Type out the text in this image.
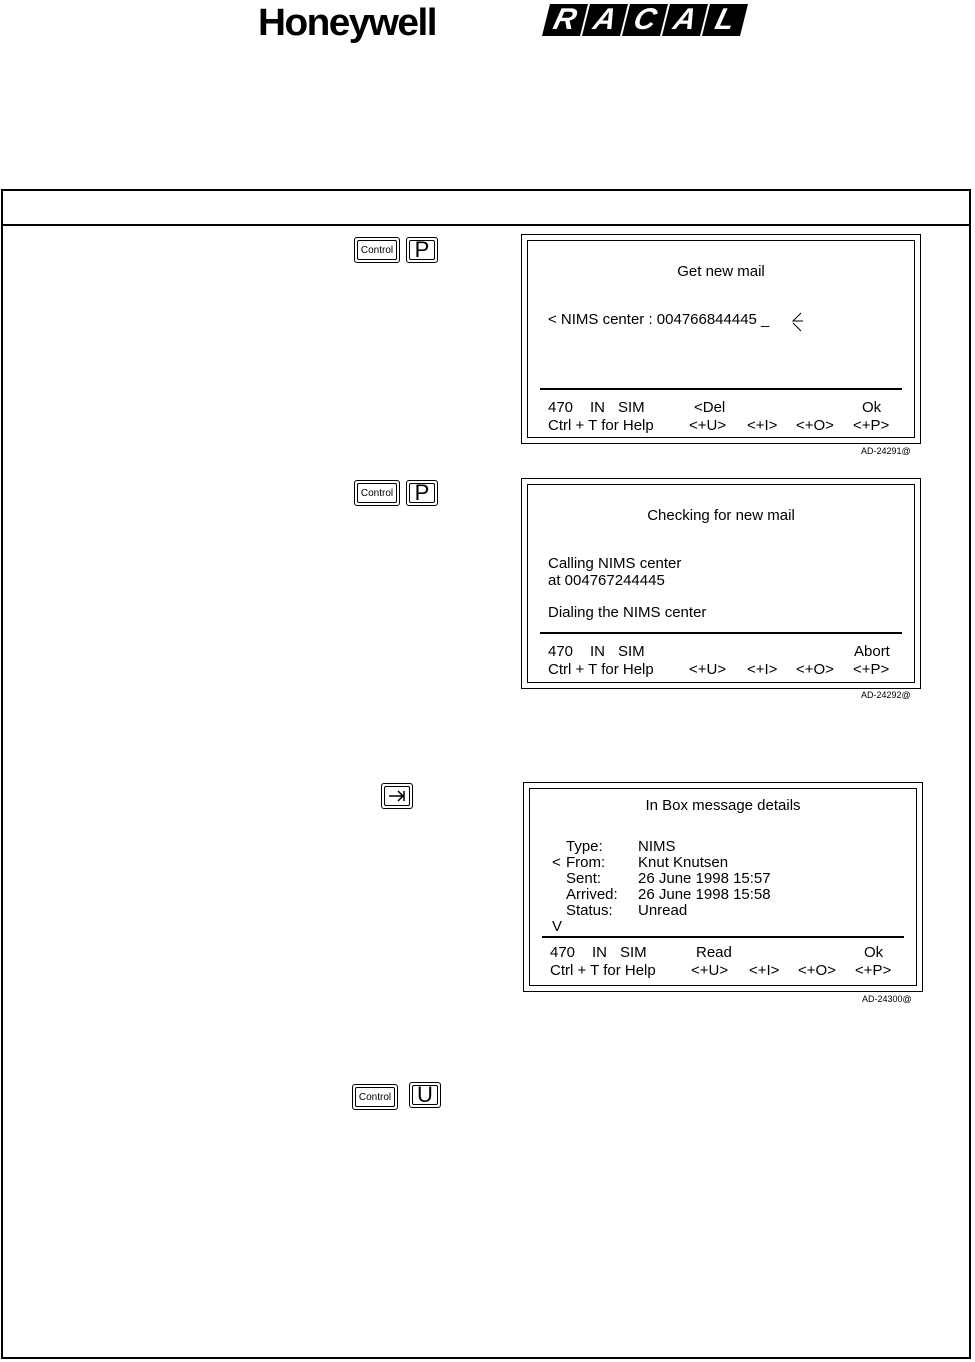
Honeywell	R A C A L
Control P
Get new mail
< NIMS center : 004766844445 _
470 IN SIM	<Del	Ok
Ctrl + T for Help <+U> <+I> <+O> <+P>
AD-24291@
Control P
Checking for new mail
Calling NIMS center
at 004767244445
Dialing the NIMS center
470 IN SIM	Abort
Ctrl + T for Help <+U> <+I> <+O> <+P>
AD-24292@
In Box message details
Type: NIMS
< From: Knut Knutsen
Sent: 26 June 1998 15:57
Arrived: 26 June 1998 15:58
Status: Unread
V
470 IN SIM	Read	Ok
Ctrl + T for Help <+U> <+I> <+O> <+P>
AD-24300@
Control U
